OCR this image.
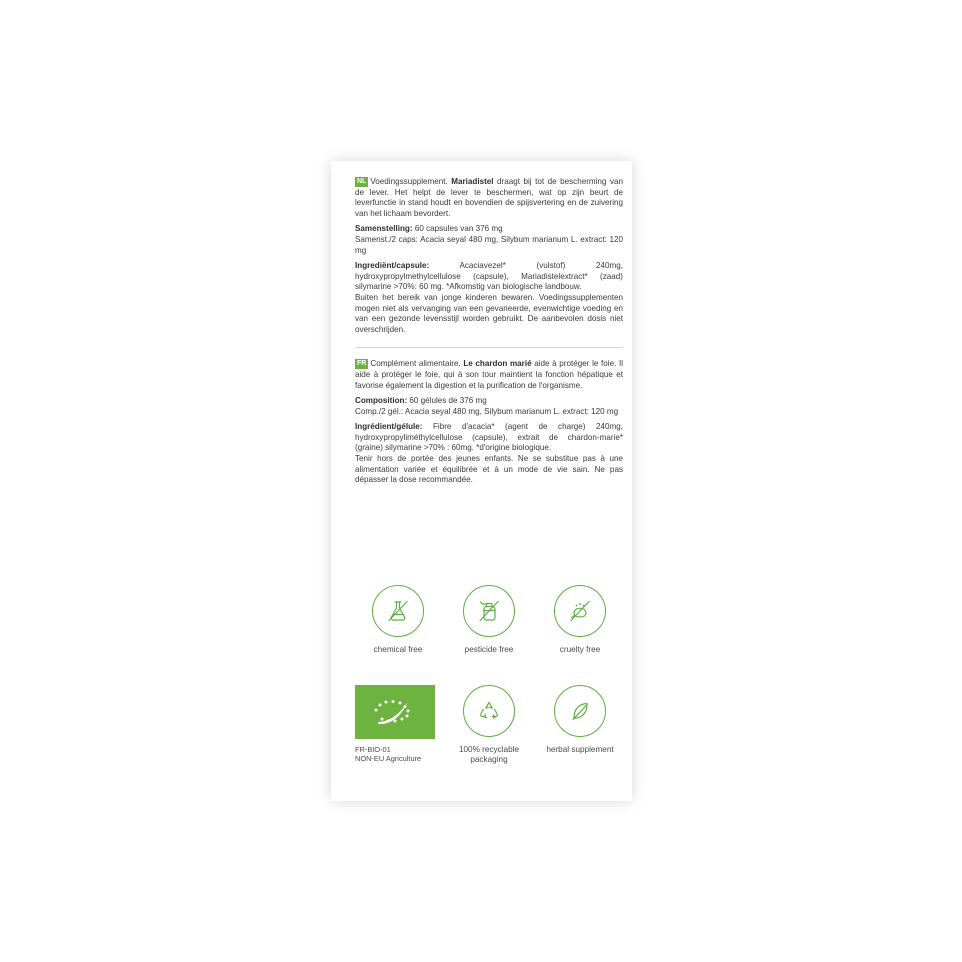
NL Voedingssupplement. Mariadistel draagt bij tot de bescherming van de lever. Het helpt de lever te beschermen, wat op zijn beurt de leverfunctie in stand houdt en bovendien de spijsvertering en de zuivering van het lichaam bevordert.

Samenstelling: 60 capsules van 376 mg

Samenst./2 caps: Acacia seyal 480 mg, Silybum marianum L. extract: 120 mg

Ingrediënt/capsule: Acaciavezel* (vulstof) 240mg, hydroxypropylmethylcellulose (capsule), Mariadistelextract* (zaad) silymarine >70%: 60 mg. *Afkomstig van biologische landbouw.

Buiten het bereik van jonge kinderen bewaren. Voedingssupplementen mogen niet als vervanging van een gevarieerde, evenwichtige voeding en van een gezonde levensstijl worden gebruikt. De aanbevolen dosis niet overschrijden.

FR Complément alimentaire. Le chardon marié aide à protéger le foie. Il aide à protéger le foie, qui à son tour maintient la fonction hépatique et favorise également la digestion et la purification de l'organisme.

Composition: 60 gélules de 376 mg

Comp./2 gél.: Acacia seyal 480 mg, Silybum marianum L. extract: 120 mg

Ingrédient/gélule: Fibre d'acacia* (agent de charge) 240mg, hydroxypropyliméthylcellulose (capsule), extrait de chardon-marie* (graine) silymarine >70% : 60mg. *d'origine biologique.

Tenir hors de portée des jeunes enfants. Ne se substitue pas à une alimentation variée et équilibrée et à un mode de vie sain. Ne pas dépasser la dose recommandée.

chemical free	pesticide free	cruelty free
FR-BIO-01
NON-EU Agriculture
100% recyclable packaging
herbal supplement
